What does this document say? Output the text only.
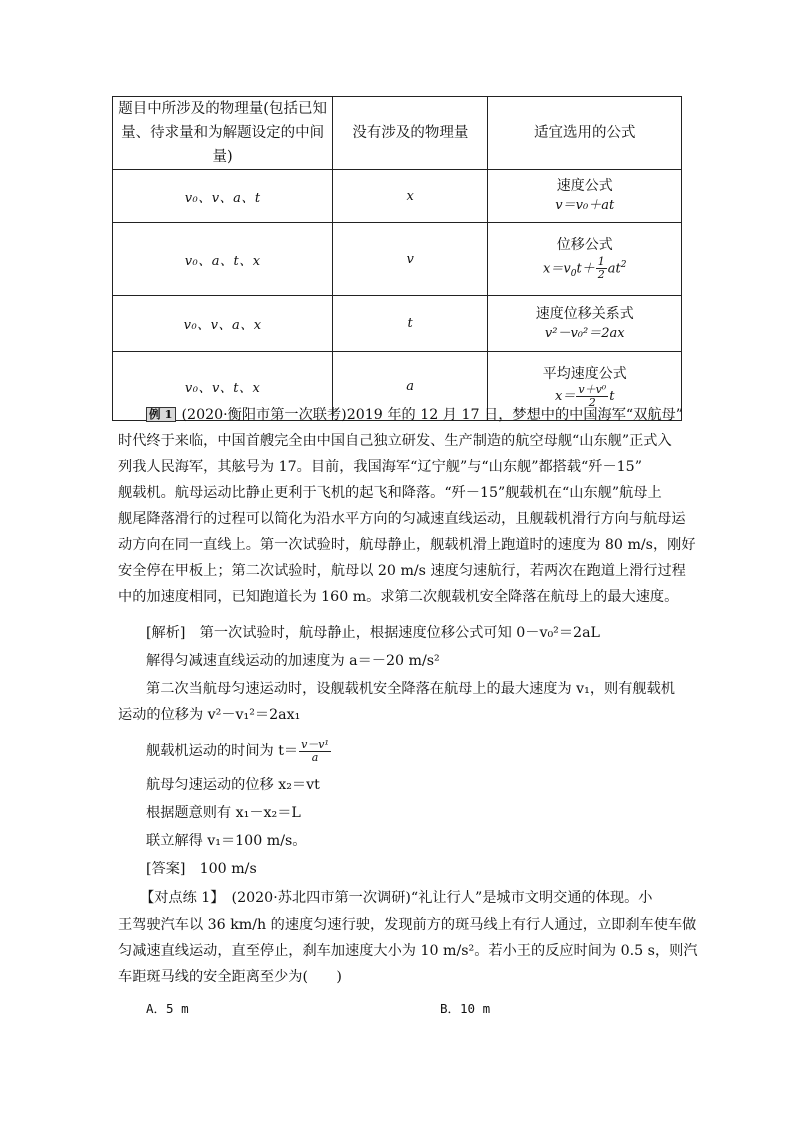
题目中所涉及的物理量(包括已知
量、待求量和为解题设定的中间量)	没有涉及的物理量	适宜选用的公式
v₀、v、a、t	x	速度公式
v＝v₀＋at

v₀、a、t、x	v	位移公式
$x=v_0t+ \frac{1}{2} at^2$

v₀、v、a、x	t	速度位移关系式
v²－v₀²＝2ax

v₀、v、t、x	a	平均速度公式
$x= \frac{\text{v＋v⁰}}{2}$ t
例 1 (2020·衡阳市第一次联考)2019 年的 12 月 17 日，梦想中的中国海军“双航母”
时代终于来临，中国首艘完全由中国自己独立研发、生产制造的航空母舰“山东舰”正式入
列我人民海军，其舷号为 17。目前，我国海军“辽宁舰”与“山东舰”都搭载“歼－15”
舰载机。航母运动比静止更利于飞机的起飞和降落。“歼－15”舰载机在“山东舰”航母上
舰尾降落滑行的过程可以简化为沿水平方向的匀减速直线运动，且舰载机滑行方向与航母运
动方向在同一直线上。第一次试验时，航母静止，舰载机滑上跑道时的速度为 80 m/s，刚好
安全停在甲板上；第二次试验时，航母以 20 m/s 速度匀速航行，若两次在跑道上滑行过程
中的加速度相同，已知跑道长为 160 m。求第二次舰载机安全降落在航母上的最大速度。
[解析]　第一次试验时，航母静止，根据速度位移公式可知 0－v₀²＝2aL
解得匀减速直线运动的加速度为 a＝－20 m/s²
第二次当航母匀速运动时，设舰载机安全降落在航母上的最大速度为 v₁，则有舰载机
运动的位移为 v²－v₁²＝2ax₁
舰载机运动的时间为 $t= \frac{\text{v－v¹}}{a}$
航母匀速运动的位移 x₂＝vt
根据题意则有 x₁－x₂＝L
联立解得 v₁＝100 m/s。
[答案]　100 m/s
【对点练 1】　(2020·苏北四市第一次调研)“礼让行人”是城市文明交通的体现。小
王驾驶汽车以 36 km/h 的速度匀速行驶，发现前方的斑马线上有行人通过，立即刹车使车做
匀减速直线运动，直至停止，刹车加速度大小为 10 m/s²。若小王的反应时间为 0.5 s，则汽
车距斑马线的安全距离至少为(　　)
A．5 m	B．10 m
